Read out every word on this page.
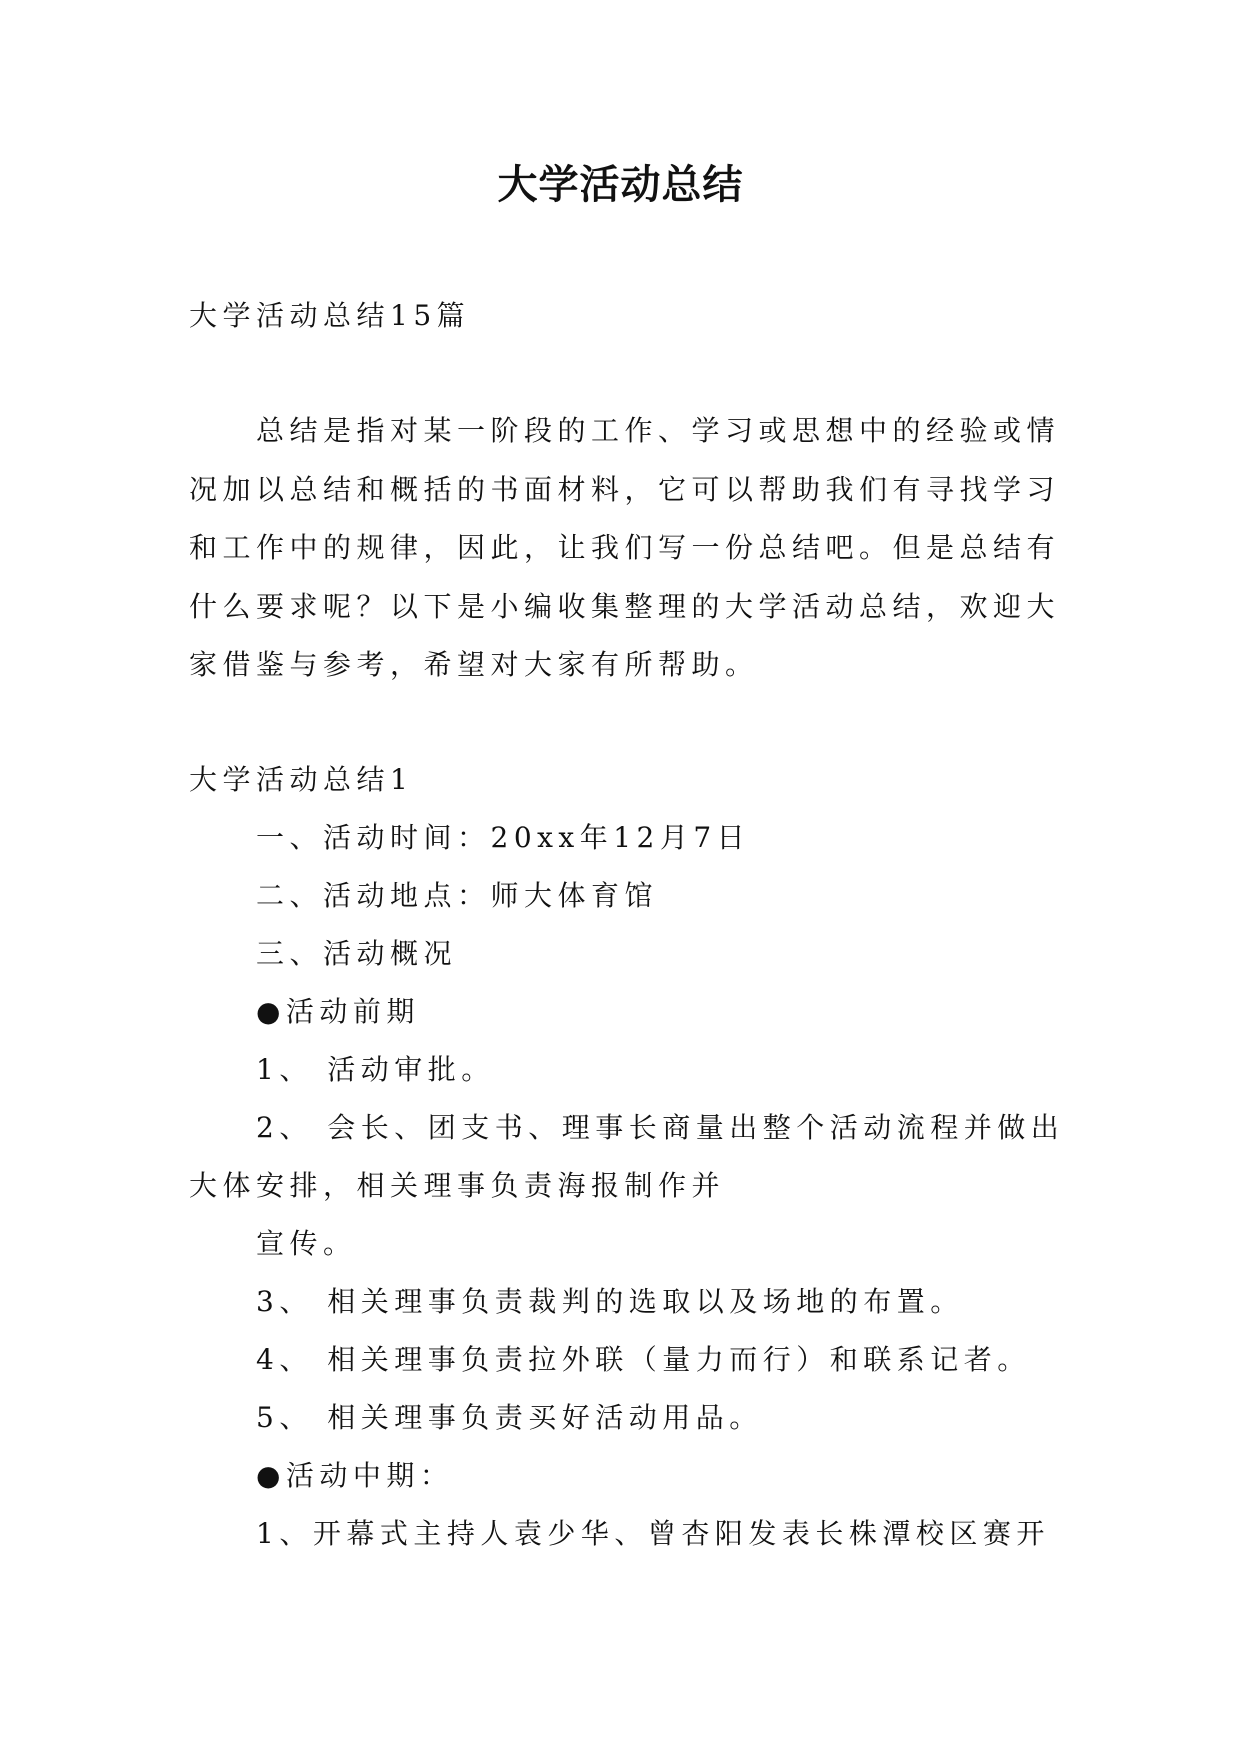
大学活动总结
大学活动总结15篇
总结是指对某一阶段的工作、学习或思想中的经验或情
况加以总结和概括的书面材料，它可以帮助我们有寻找学习
和工作中的规律，因此，让我们写一份总结吧。但是总结有
什么要求呢？以下是小编收集整理的大学活动总结，欢迎大
家借鉴与参考，希望对大家有所帮助。
大学活动总结1
一、活动时间：20xx年12月7日
二、活动地点：师大体育馆
三、活动概况
●活动前期
1、 活动审批。
2、 会长、团支书、理事长商量出整个活动流程并做出
大体安排，相关理事负责海报制作并
宣传。
3、 相关理事负责裁判的选取以及场地的布置。
4、 相关理事负责拉外联（量力而行）和联系记者。
5、 相关理事负责买好活动用品。
●活动中期：
1、开幕式主持人袁少华、曾杏阳发表长株潭校区赛开
